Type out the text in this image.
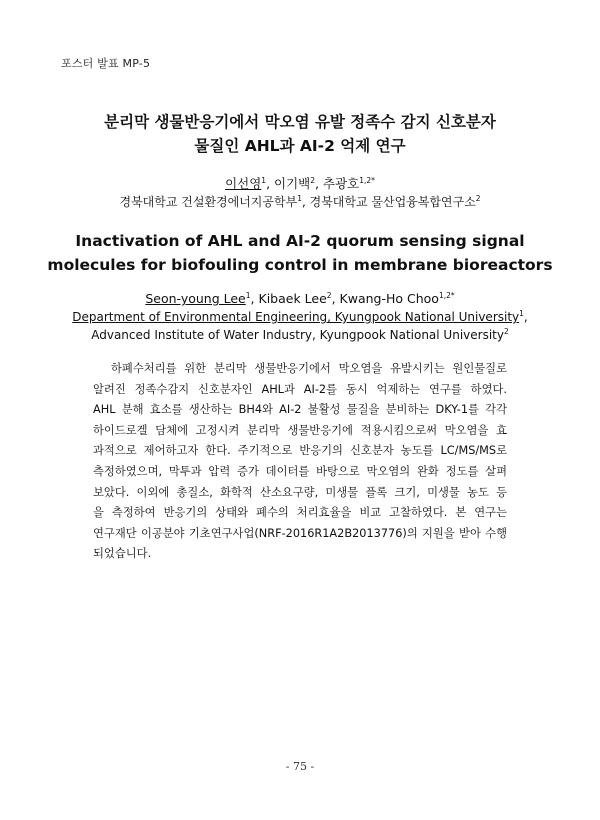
포스터 발표 MP-5
분리막 생물반응기에서 막오염 유발 정족수 감지 신호분자
물질인 AHL과 AI-2 억제 연구
이선영$^1$, 이기백$^2$, 추광호$^{1,2*}$
경북대학교 건설환경에너지공학부$^1$, 경북대학교 물산업융복합연구소$^2$
Inactivation of AHL and AI-2 quorum sensing signal
molecules for biofouling control in membrane bioreactors
Seon-young Lee$^1$, Kibaek Lee$^2$, Kwang-Ho Choo$^{1,2*}$
Department of Environmental Engineering, Kyungpook National University$^1$,
Advanced Institute of Water Industry, Kyungpook National University$^2$
하폐수처리를 위한 분리막 생물반응기에서 막오염을 유발시키는 원인물질로
알려진 정족수감지 신호분자인 AHL과 AI-2를 동시 억제하는 연구를 하였다.
AHL 분해 효소를 생산하는 BH4와 AI-2 불활성 물질을 분비하는 DKY-1를 각각
하이드로겔 담체에 고정시켜 분리막 생물반응기에 적용시킴으로써 막오염을 효
과적으로 제어하고자 한다. 주기적으로 반응기의 신호분자 농도를 LC/MS/MS로
측정하였으며, 막투과 압력 증가 데이터를 바탕으로 막오염의 완화 정도를 살펴
보았다. 이외에 총질소, 화학적 산소요구량, 미생물 플록 크기, 미생물 농도 등
을 측정하여 반응기의 상태와 폐수의 처리효율을 비교 고찰하였다. 본 연구는
연구재단 이공분야 기초연구사업(NRF-2016R1A2B2013776)의 지원을 받아 수행
되었습니다.
- 75 -
